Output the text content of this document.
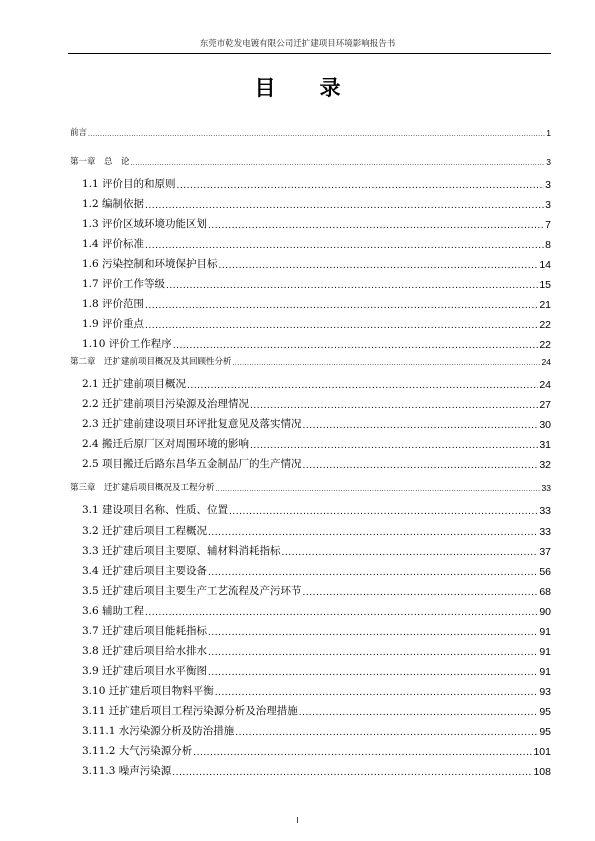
东莞市乾发电镀有限公司迁扩建项目环境影响报告书
目录
前言 .....	1
第一章　总　论 .....	3
1.1 评价目的和原则 .....	3
1.2 编制依据 .....	3
1.3 评价区域环境功能区划 .....	7
1.4 评价标准 .....	8
1.6 污染控制和环境保护目标 .....	14
1.7 评价工作等级 .....	15
1.8 评价范围 .....	21
1.9 评价重点 .....	22
1.10 评价工作程序 .....	22
第二章　迁扩建前项目概况及其回顾性分析 .....	24
2.1 迁扩建前项目概况 .....	24
2.2 迁扩建前项目污染源及治理情况 .....	27
2.3 迁扩建前建设项目环评批复意见及落实情况 .....	30
2.4 搬迁后原厂区对周围环境的影响 .....	31
2.5 项目搬迁后路东昌华五金制品厂的生产情况 .....	32
第三章　迁扩建后项目概况及工程分析 .....	33
3.1 建设项目名称、性质、位置 .....	33
3.2 迁扩建后项目工程概况 .....	33
3.3 迁扩建后项目主要原、辅材料消耗指标 .....	37
3.4 迁扩建后项目主要设备 .....	56
3.5 迁扩建后项目主要生产工艺流程及产污环节 .....	68
3.6 辅助工程 .....	90
3.7 迁扩建后项目能耗指标 .....	91
3.8 迁扩建后项目给水排水 .....	91
3.9 迁扩建后项目水平衡图 .....	91
3.10 迁扩建后项目物料平衡 .....	93
3.11 迁扩建后项目工程污染源分析及治理措施 .....	95
3.11.1 水污染源分析及防治措施 .....	95
3.11.2 大气污染源分析 .....	101
3.11.3 噪声污染源 .....	108
I
